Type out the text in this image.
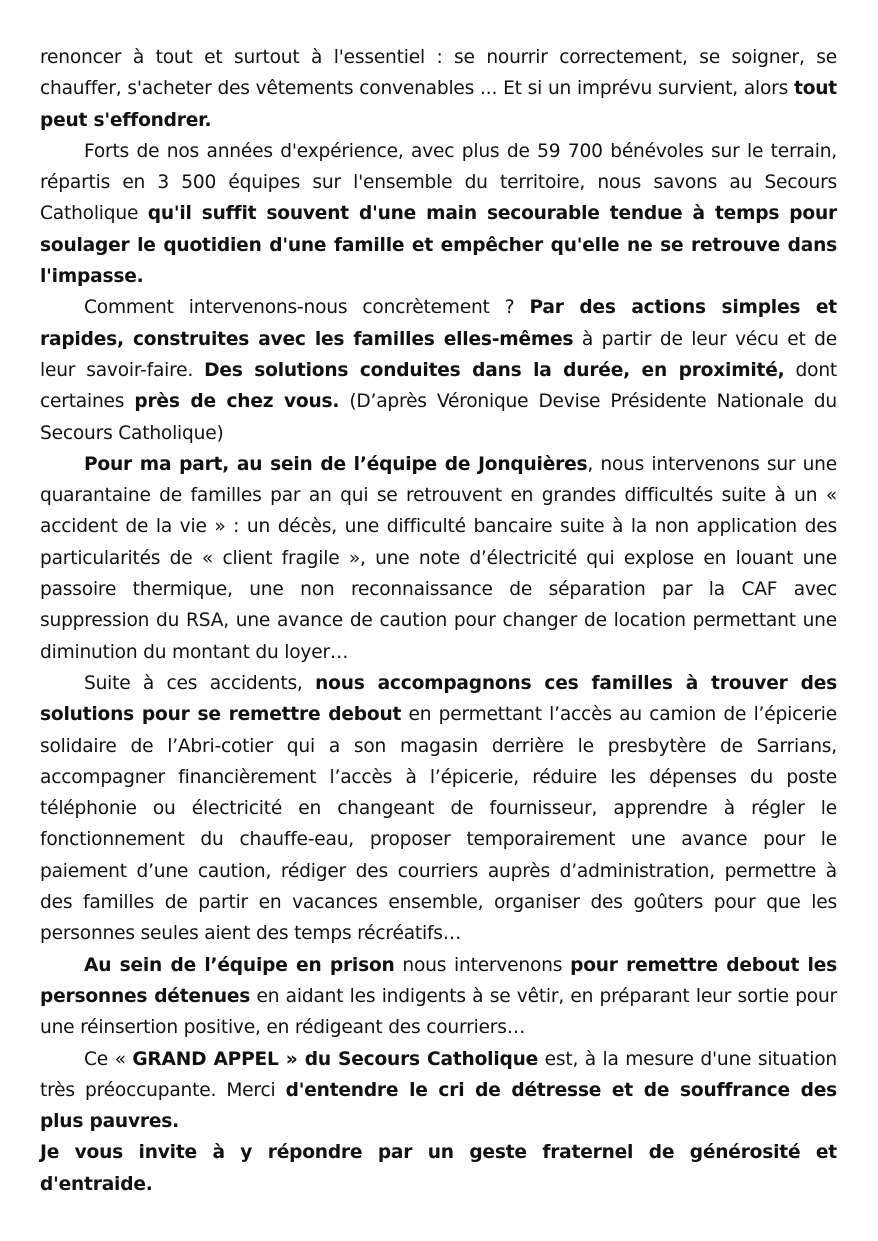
renoncer à tout et surtout à l'essentiel : se nourrir correctement, se soigner, se chauffer, s'acheter des vêtements convenables ... Et si un imprévu survient, alors tout peut s'effondrer.

Forts de nos années d'expérience, avec plus de 59 700 bénévoles sur le terrain, répartis en 3 500 équipes sur l'ensemble du territoire, nous savons au Secours Catholique qu'il suffit souvent d'une main secourable tendue à temps pour soulager le quotidien d'une famille et empêcher qu'elle ne se retrouve dans l'impasse.

Comment intervenons-nous concrètement ? Par des actions simples et rapides, construites avec les familles elles-mêmes à partir de leur vécu et de leur savoir-faire. Des solutions conduites dans la durée, en proximité, dont certaines près de chez vous. (D’après Véronique Devise Présidente Nationale du Secours Catholique)

Pour ma part, au sein de l’équipe de Jonquières, nous intervenons sur une quarantaine de familles par an qui se retrouvent en grandes difficultés suite à un « accident de la vie » : un décès, une difficulté bancaire suite à la non application des particularités de « client fragile », une note d’électricité qui explose en louant une passoire thermique, une non reconnaissance de séparation par la CAF avec suppression du RSA, une avance de caution pour changer de location permettant une diminution du montant du loyer…

Suite à ces accidents, nous accompagnons ces familles à trouver des solutions pour se remettre debout en permettant l’accès au camion de l’épicerie solidaire de l’Abri-cotier qui a son magasin derrière le presbytère de Sarrians, accompagner financièrement l’accès à l’épicerie, réduire les dépenses du poste téléphonie ou électricité en changeant de fournisseur, apprendre à régler le fonctionnement du chauffe-eau, proposer temporairement une avance pour le paiement d’une caution, rédiger des courriers auprès d’administration, permettre à des familles de partir en vacances ensemble, organiser des goûters pour que les personnes seules aient des temps récréatifs…

Au sein de l’équipe en prison nous intervenons pour remettre debout les personnes détenues en aidant les indigents à se vêtir, en préparant leur sortie pour une réinsertion positive, en rédigeant des courriers…

Ce « GRAND APPEL » du Secours Catholique est, à la mesure d'une situation très préoccupante. Merci d'entendre le cri de détresse et de souffrance des plus pauvres.

Je vous invite à y répondre par un geste fraternel de générosité et d'entraide.
